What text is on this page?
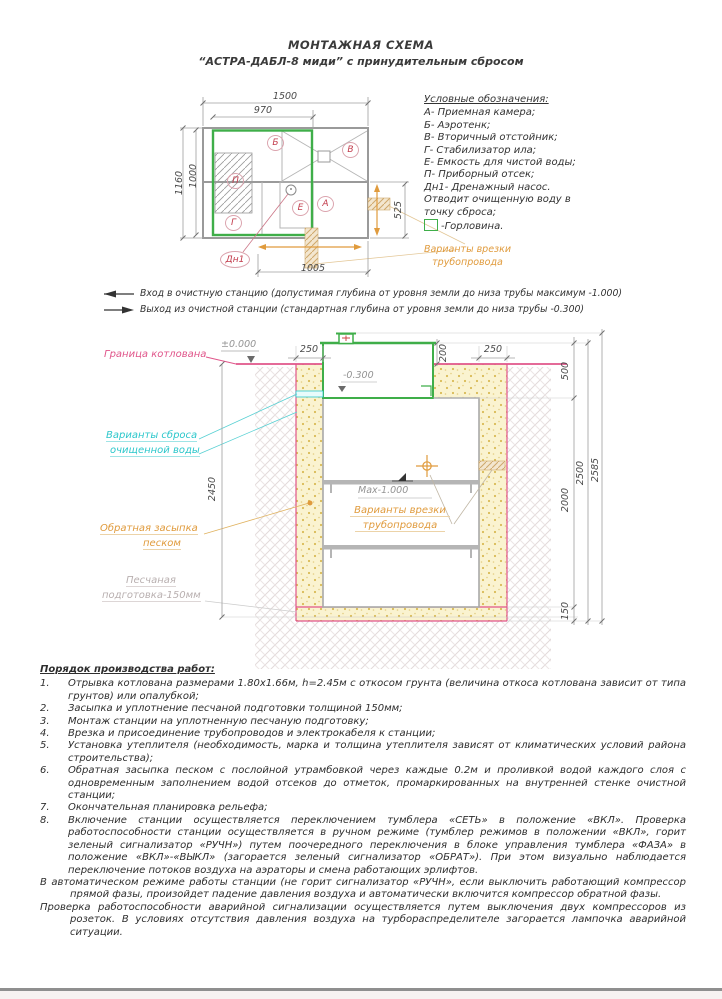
МОНТАЖНАЯ СХЕМА
“АСТРА-ДАБЛ-8 миди” с принудительным сбросом
Б
В
П
Г
Е	А
Дн1
1500
970
1160 1000
525
1005
Условные обозначения:
А- Приемная камера;
Б- Аэротенк;
В- Вторичный отстойник;
Г- Стабилизатор ила;
Е- Емкость для чистой воды;
П- Приборный отсек;
Дн1- Дренажный насос.
Отводит очищенную воду в
точку сброса;
-Горловина.
Варианты врезки
трубопровода
Вход в очистную станцию (допустимая глубина от уровня земли до низа трубы максимум -1.000)
Выход из очистной станции (стандартная глубина от уровня земли до низа трубы -0.300)
Граница котлована
±0.000
-0.300
Max-1.000
250	200	250
500
2000
150
2500 2585
2450
Варианты сброса
очищенной воды
Обратная засыпка
песком
Песчаная
подготовка-150мм
Варианты врезки
трубопровода
Порядок производства работ:
1.	Отрывка котлована размерами 1.80х1.66м, h=2.45м с откосом грунта (величина откоса котлована зависит от типа грунтов) или опалубкой;
2.	Засыпка и уплотнение песчаной подготовки толщиной 150мм;
3.	Монтаж станции на уплотненную песчаную подготовку;
4.	Врезка и присоединение трубопроводов и электрокабеля к станции;
5.	Установка утеплителя (необходимость, марка и толщина утеплителя зависят от климатических условий района строительства);
6.	Обратная засыпка песком с послойной утрамбовкой через каждые 0.2м и проливкой водой каждого слоя с одновременным заполнением водой отсеков до отметок, промаркированных на внутренней стенке очистной станции;
7.	Окончательная планировка рельефа;
8.	Включение станции осуществляется переключением тумблера «СЕТЬ» в положение «ВКЛ». Проверка работоспособности станции осуществляется в ручном режиме (тумблер режимов в положении «ВКЛ», горит зеленый сигнализатор «РУЧН») путем поочередного переключения в блоке управления тумблера «ФАЗА» в положение «ВКЛ»-«ВЫКЛ» (загорается зеленый сигнализатор «ОБРАТ»). При этом визуально наблюдается переключение потоков воздуха на аэраторы и смена работающих эрлифтов.
В автоматическом режиме работы станции (не горит сигнализатор «РУЧН», если выключить работающий компрессор прямой фазы, произойдет падение давления воздуха и автоматически включится компрессор обратной фазы.
Проверка работоспособности аварийной сигнализации осуществляется путем выключения двух компрессоров из розеток. В условиях отсутствия давления воздуха на турбораспределителе загорается лампочка аварийной ситуации.
